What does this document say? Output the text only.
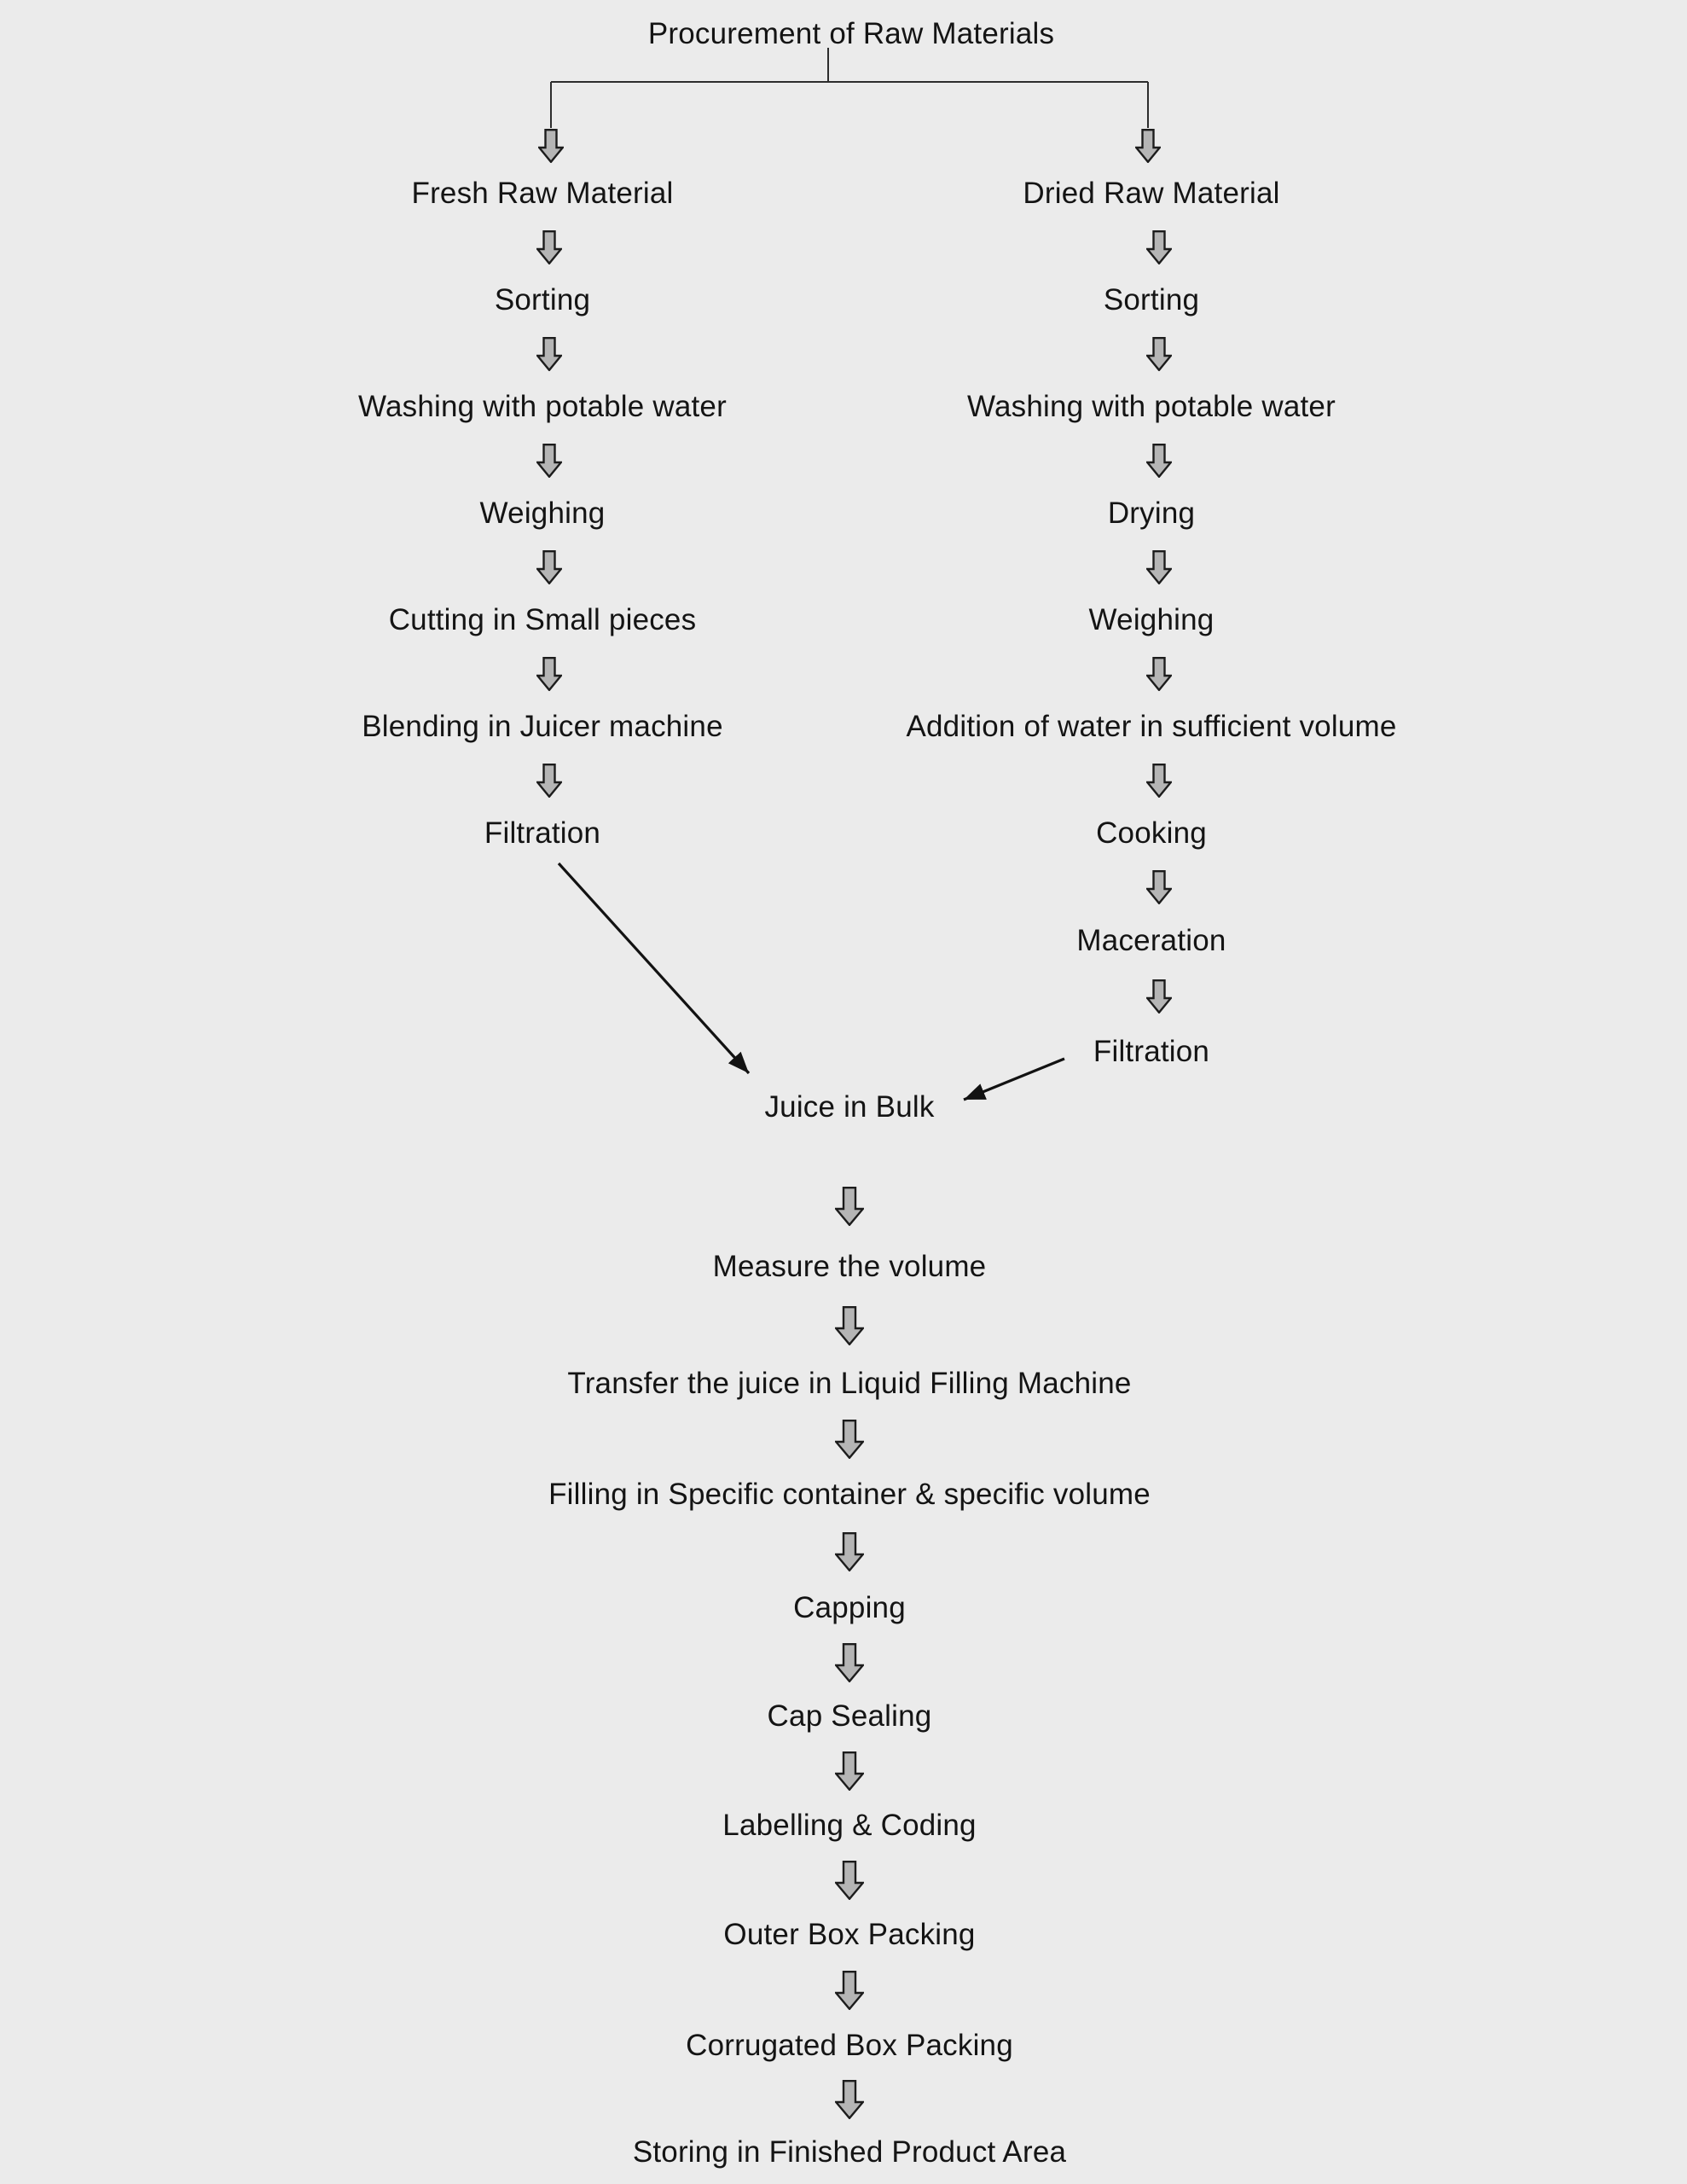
Procurement of Raw Materials
Fresh Raw Material
Sorting
Washing with potable water
Weighing
Cutting in Small pieces
Blending in Juicer machine
Filtration
Dried Raw Material
Sorting
Washing with potable water
Drying
Weighing
Addition of water in sufficient volume
Cooking
Maceration
Filtration
Juice in Bulk
Measure the volume
Transfer the juice in Liquid Filling Machine
Filling in Specific container & specific volume
Capping
Cap Sealing
Labelling & Coding
Outer Box Packing
Corrugated Box Packing
Storing in Finished Product Area
